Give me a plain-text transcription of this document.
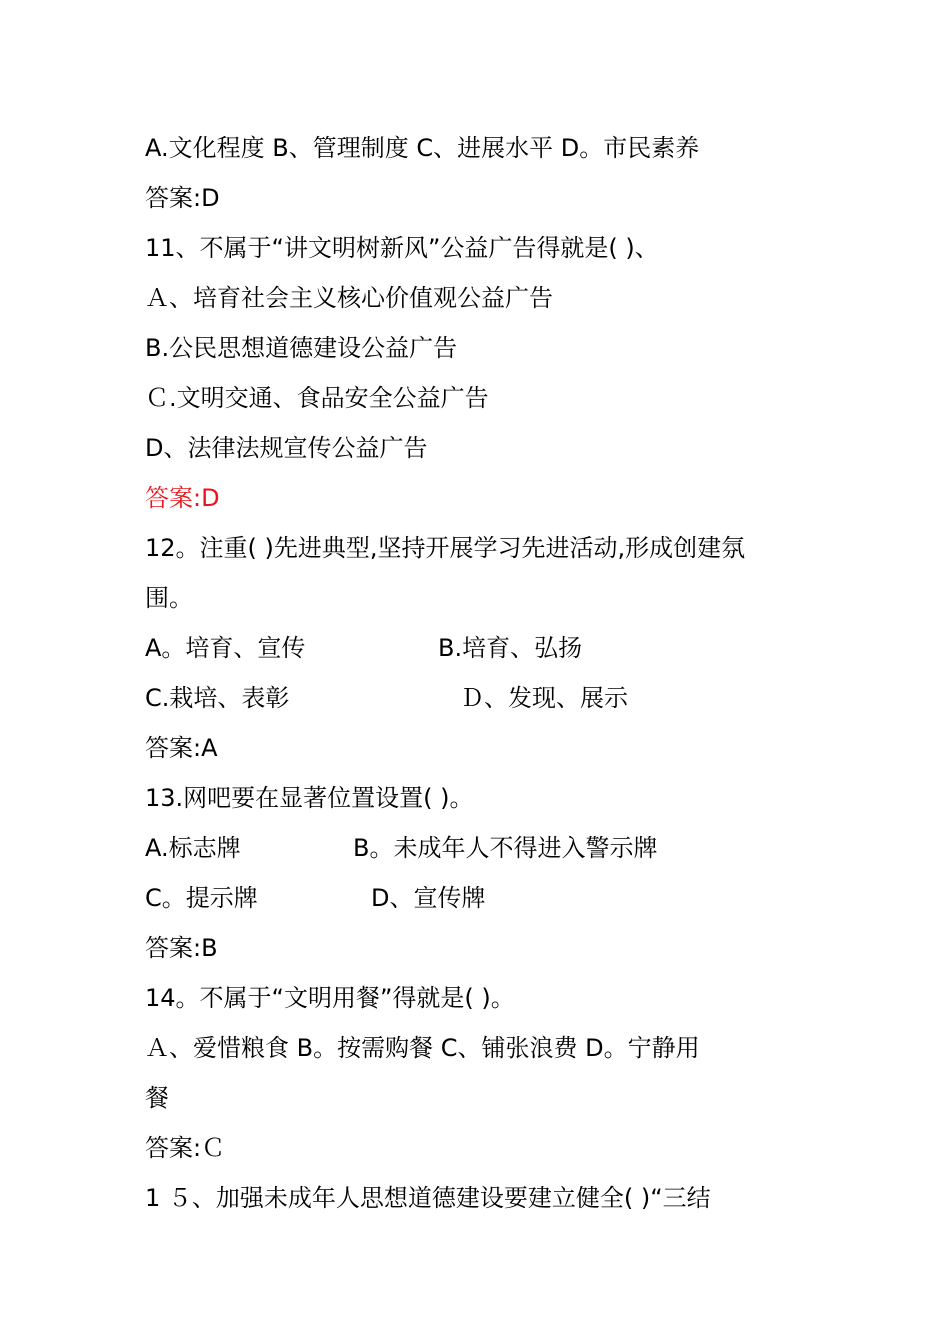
A.文化程度 B、管理制度 C、进展水平 D。市民素养
答案:D
11、不属于“讲文明树新风”公益广告得就是( )、
Ａ、培育社会主义核心价值观公益广告
B.公民思想道德建设公益广告
Ｃ.文明交通、食品安全公益广告
D、法律法规宣传公益广告
答案:D
12。注重( )先进典型,坚持开展学习先进活动,形成创建氛
围。
A。培育、宣传	B.培育、弘扬
C.栽培、表彰	Ｄ、发现、展示
答案:A
13.网吧要在显著位置设置( )。
A.标志牌	B。未成年人不得进入警示牌
C。提示牌	D、宣传牌
答案:B
14。不属于“文明用餐”得就是( )。
Ａ、爱惜粮食 B。按需购餐 C、铺张浪费 D。宁静用
餐
答案:Ｃ
1 ５、加强未成年人思想道德建设要建立健全( )“三结
